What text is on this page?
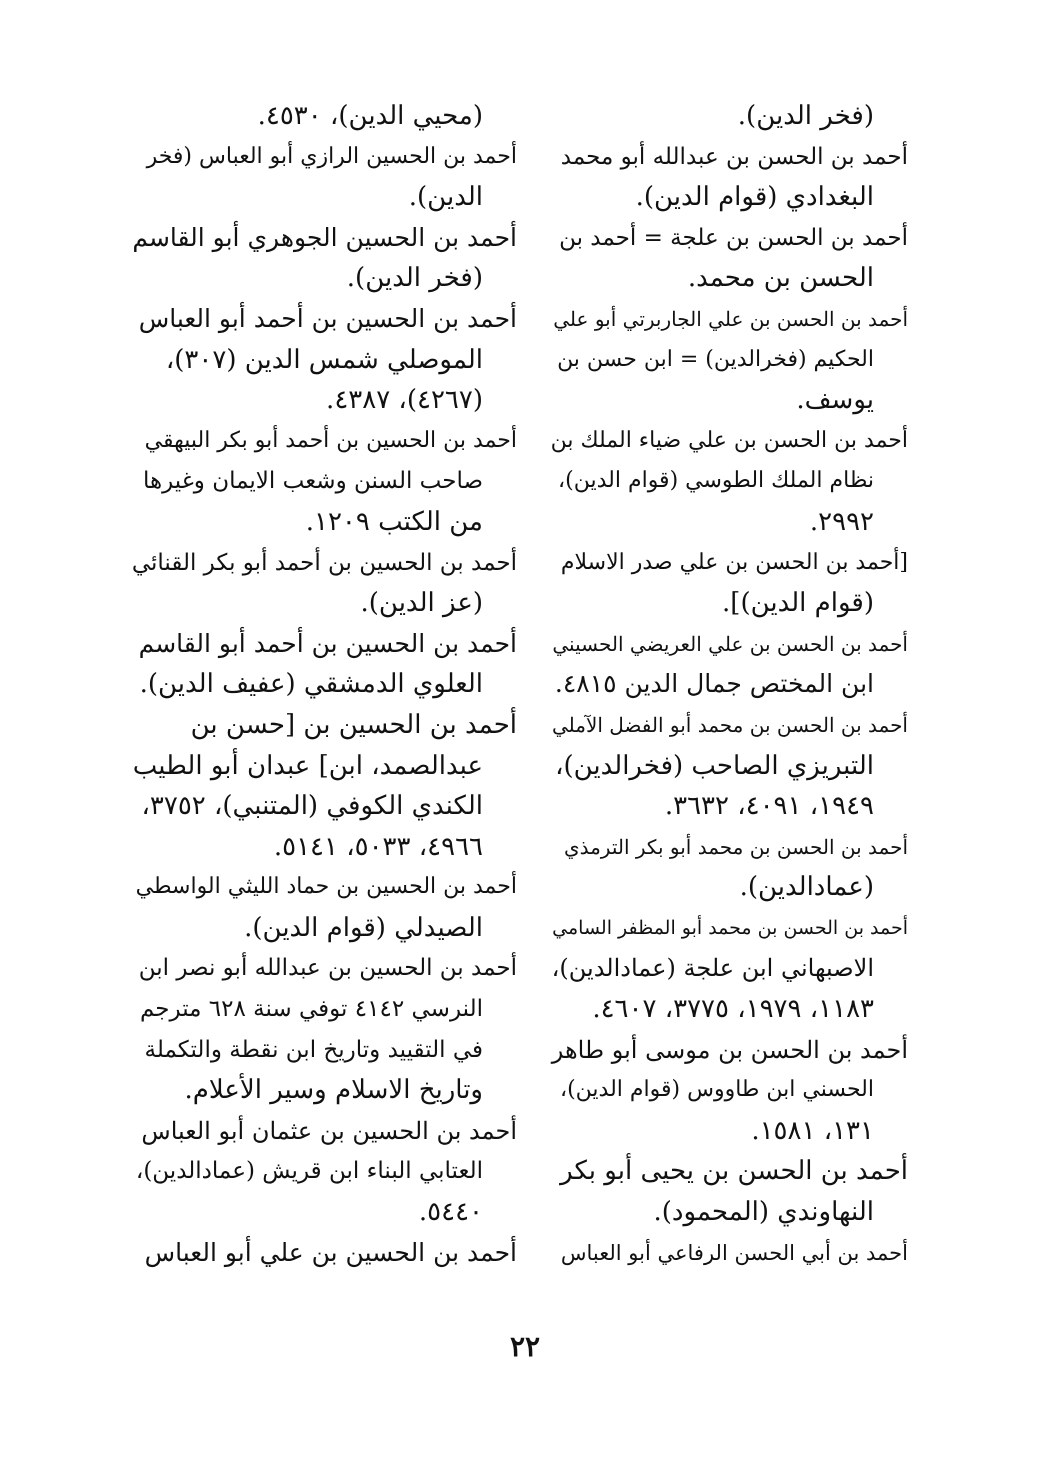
(فخر الدين).
أحمد بن الحسن بن عبدالله أبو محمد
البغدادي (قوام الدين).
أحمد بن الحسن بن علجة = أحمد بن
الحسن بن محمد.
أحمد بن الحسن بن علي الجاربرتي أبو علي
الحكيم (فخرالدين) = ابن حسن بن
يوسف.
أحمد بن الحسن بن علي ضياء الملك بن
نظام الملك الطوسي (قوام الدين)،
٢٩٩٢.
[أحمد بن الحسن بن علي صدر الاسلام
(قوام الدين)].
أحمد بن الحسن بن علي العريضي الحسيني
ابن المختص جمال الدين ٤٨١٥.
أحمد بن الحسن بن محمد أبو الفضل الآملي
التبريزي الصاحب (فخرالدين)،
١٩٤٩، ٤٠٩١، ٣٦٣٢.
أحمد بن الحسن بن محمد أبو بكر الترمذي
(عمادالدين).
أحمد بن الحسن بن محمد أبو المظفر السامي
الاصبهاني ابن علجة (عمادالدين)،
١١٨٣، ١٩٧٩، ٣٧٧٥، ٤٦٠٧.
أحمد بن الحسن بن موسى أبو طاهر
الحسني ابن طاووس (قوام الدين)،
١٣١، ١٥٨١.
أحمد بن الحسن بن يحيى أبو بكر
النهاوندي (المحمود).
أحمد بن أبي الحسن الرفاعي أبو العباس
(محيي الدين)، ٤٥٣٠.
أحمد بن الحسين الرازي أبو العباس (فخر
الدين).
أحمد بن الحسين الجوهري أبو القاسم
(فخر الدين).
أحمد بن الحسين بن أحمد أبو العباس
الموصلي شمس الدين (٣٠٧)،
(٤٢٦٧)، ٤٣٨٧.
أحمد بن الحسين بن أحمد أبو بكر البيهقي
صاحب السنن وشعب الايمان وغيرها
من الكتب ١٢٠٩.
أحمد بن الحسين بن أحمد أبو بكر القنائي
(عز الدين).
أحمد بن الحسين بن أحمد أبو القاسم
العلوي الدمشقي (عفيف الدين).
أحمد بن الحسين بن [حسن بن
عبدالصمد، ابن] عبدان أبو الطيب
الكندي الكوفي (المتنبي)، ٣٧٥٢،
٤٩٦٦، ٥٠٣٣، ٥١٤١.
أحمد بن الحسين بن حماد الليثي الواسطي
الصيدلي (قوام الدين).
أحمد بن الحسين بن عبدالله أبو نصر ابن
النرسي ٤١٤٢ توفي سنة ٦٢٨ مترجم
في التقييد وتاريخ ابن نقطة والتكملة
وتاريخ الاسلام وسير الأعلام.
أحمد بن الحسين بن عثمان أبو العباس
العتابي البناء ابن قريش (عمادالدين)،
٥٤٤٠.
أحمد بن الحسين بن علي أبو العباس
٢٢
